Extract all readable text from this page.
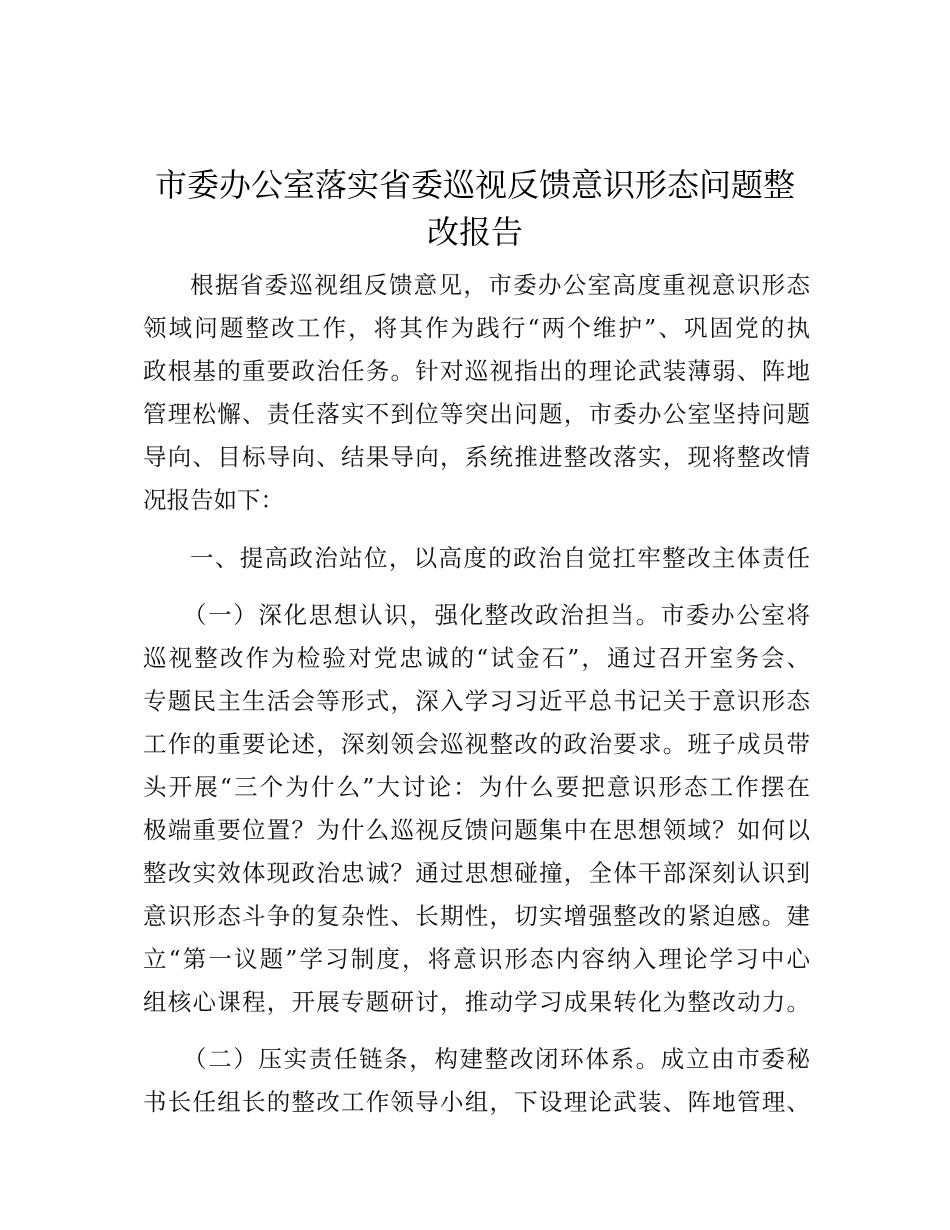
市委办公室落实省委巡视反馈意识形态问题整
改报告
根据省委巡视组反馈意见，市委办公室高度重视意识形态
领域问题整改工作，将其作为践行“两个维护”、巩固党的执
政根基的重要政治任务。针对巡视指出的理论武装薄弱、阵地
管理松懈、责任落实不到位等突出问题，市委办公室坚持问题
导向、目标导向、结果导向，系统推进整改落实，现将整改情
况报告如下：
一、提高政治站位，以高度的政治自觉扛牢整改主体责任
（一）深化思想认识，强化整改政治担当。市委办公室将
巡视整改作为检验对党忠诚的“试金石”，通过召开室务会、
专题民主生活会等形式，深入学习习近平总书记关于意识形态
工作的重要论述，深刻领会巡视整改的政治要求。班子成员带
头开展“三个为什么”大讨论：为什么要把意识形态工作摆在
极端重要位置？为什么巡视反馈问题集中在思想领域？如何以
整改实效体现政治忠诚？通过思想碰撞，全体干部深刻认识到
意识形态斗争的复杂性、长期性，切实增强整改的紧迫感。建
立“第一议题”学习制度，将意识形态内容纳入理论学习中心
组核心课程，开展专题研讨，推动学习成果转化为整改动力。
（二）压实责任链条，构建整改闭环体系。成立由市委秘
书长任组长的整改工作领导小组，下设理论武装、阵地管理、
